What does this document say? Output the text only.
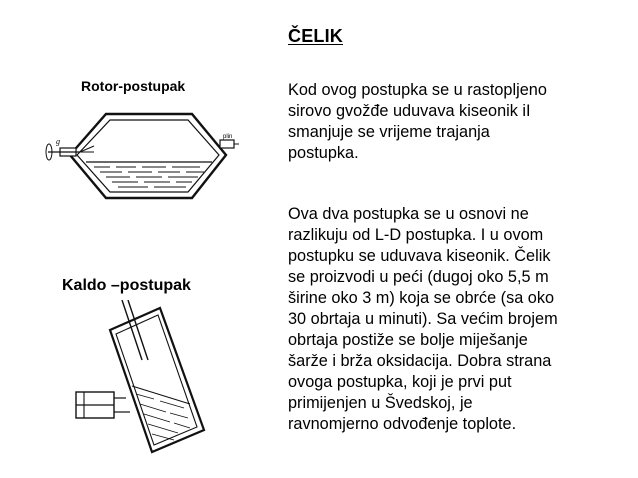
ČELIK
Rotor-postupak
g	plin
Kaldo –postupak
Kod ovog postupka se u rastopljeno
sirovo gvožđe uduvava kiseonik iI
smanjuje se vrijeme trajanja
postupka.
Ova dva postupka se u osnovi ne
razlikuju od L-D postupka. I u ovom
postupku se uduvava kiseonik. Čelik
se proizvodi u peći (dugoj oko 5,5 m
širine oko 3 m) koja se obrće (sa oko
30 obrtaja u minuti). Sa većim brojem
obrtaja postiže se bolje miješanje
šarže i brža oksidacija. Dobra strana
ovoga postupka, koji je prvi put
primijenjen u Švedskoj, je
ravnomjerno odvođenje toplote.
